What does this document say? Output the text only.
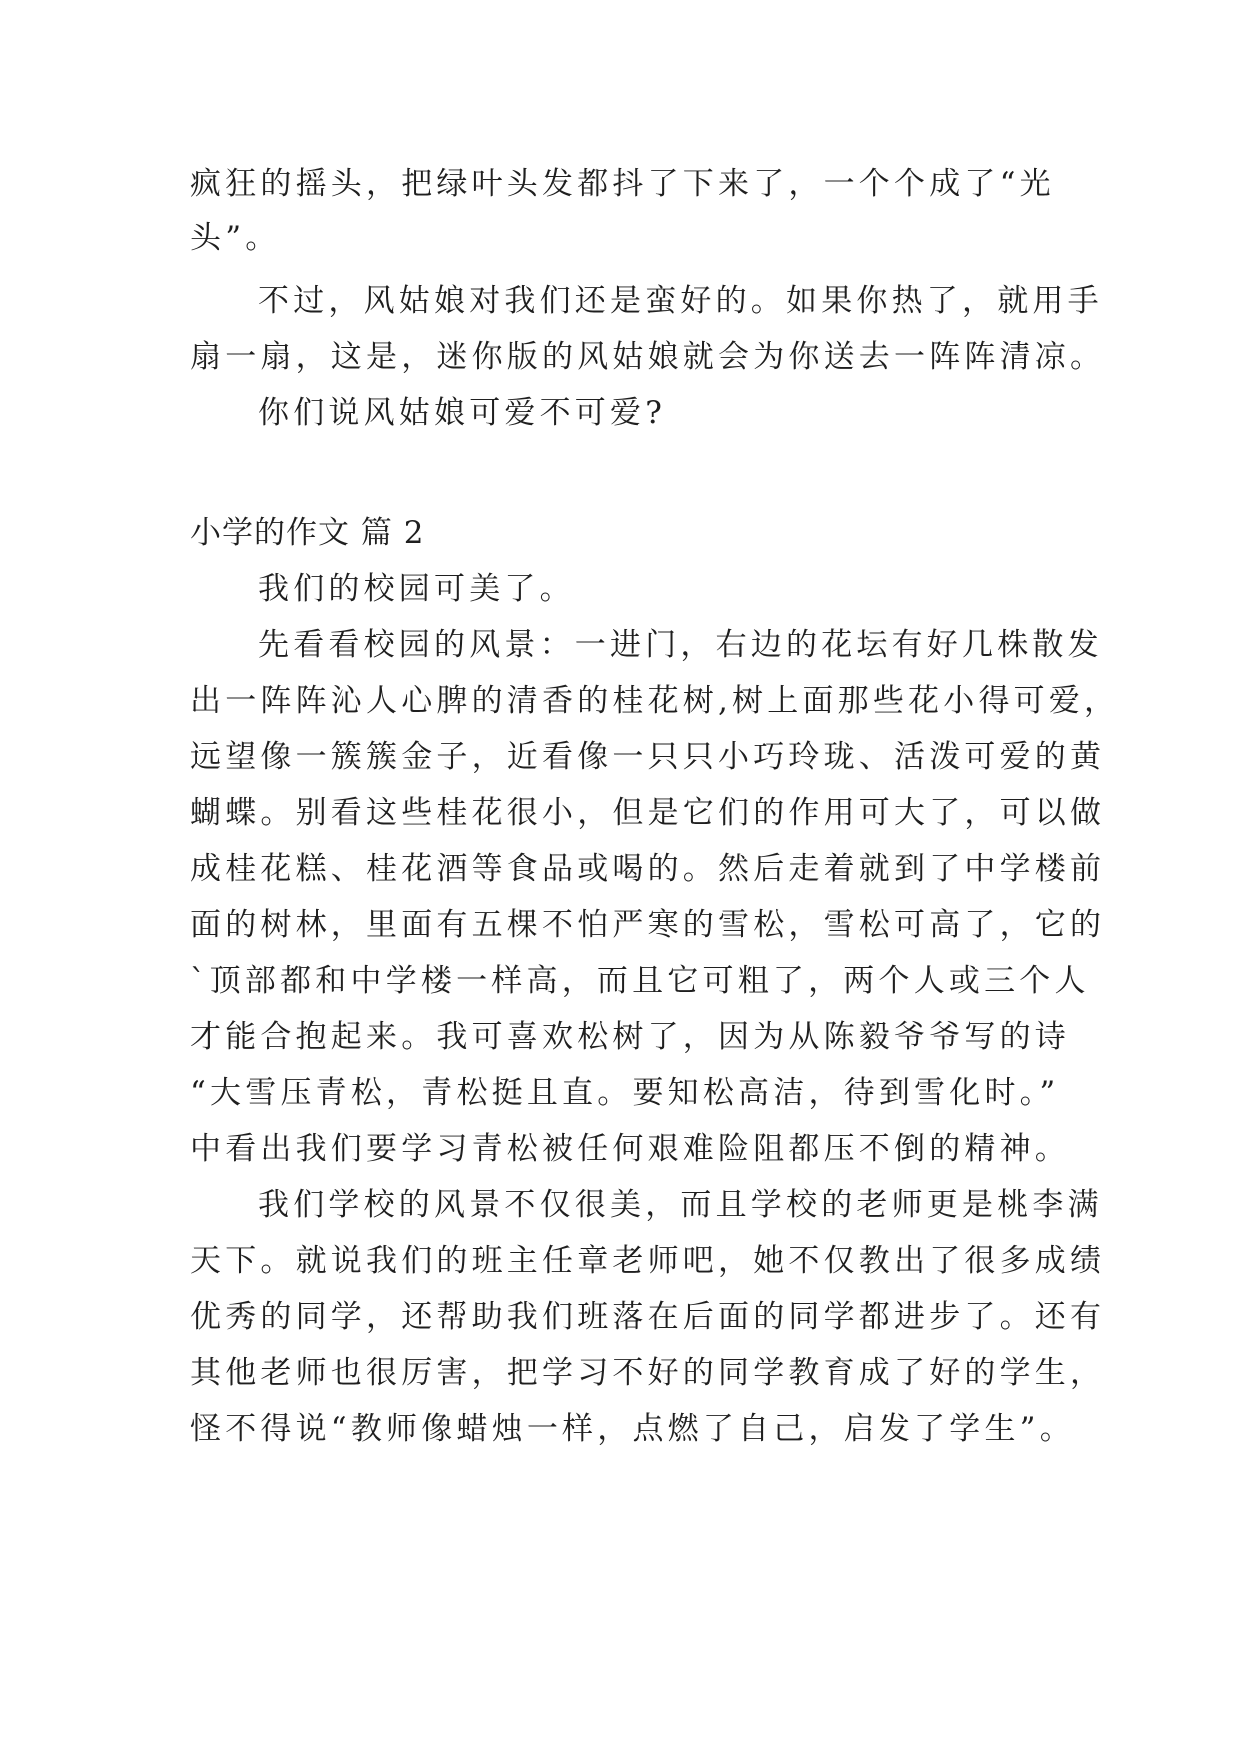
疯狂的摇头，把绿叶头发都抖了下来了，一个个成了“光
头”。
不过，风姑娘对我们还是蛮好的。如果你热了，就用手
扇一扇，这是，迷你版的风姑娘就会为你送去一阵阵清凉。
你们说风姑娘可爱不可爱?
小学的作文 篇 2
我们的校园可美了。
先看看校园的风景：一进门，右边的花坛有好几株散发
出一阵阵沁人心脾的清香的桂花树,树上面那些花小得可爱，
远望像一簇簇金子，近看像一只只小巧玲珑、活泼可爱的黄
蝴蝶。别看这些桂花很小，但是它们的作用可大了，可以做
成桂花糕、桂花酒等食品或喝的。然后走着就到了中学楼前
面的树林，里面有五棵不怕严寒的雪松，雪松可高了，它的
`顶部都和中学楼一样高，而且它可粗了，两个人或三个人
才能合抱起来。我可喜欢松树了，因为从陈毅爷爷写的诗
“大雪压青松，青松挺且直。要知松高洁，待到雪化时。”
中看出我们要学习青松被任何艰难险阻都压不倒的精神。
我们学校的风景不仅很美，而且学校的老师更是桃李满
天下。就说我们的班主任章老师吧，她不仅教出了很多成绩
优秀的同学，还帮助我们班落在后面的同学都进步了。还有
其他老师也很厉害，把学习不好的同学教育成了好的学生，
怪不得说“教师像蜡烛一样，点燃了自己，启发了学生”。
